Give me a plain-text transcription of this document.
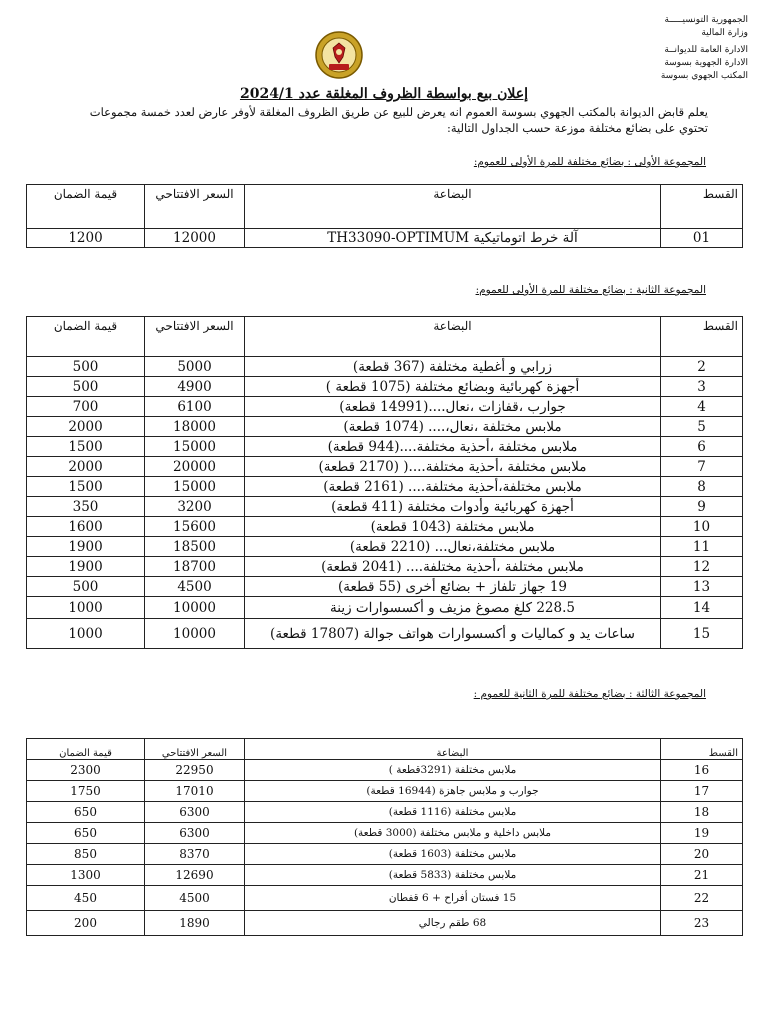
الجمهورية التونسيـــــة
وزارة المالية
الادارة العامة للديوانــة
الادارة الجهوية بسوسة
المكتب الجهوي بسوسة
إعلان بيع بواسطة الظروف المغلقة عدد 2024/1
يعلم قابض الديوانة بالمكتب الجهوي بسوسة العموم انه يعرض للبيع عن طريق الظروف المغلقة لأوفر عارض لعدد خمسة مجموعات تحتوي على بضائع مختلفة موزعة حسب الجداول التالية:
المجموعة الأولى : بضائع مختلفة للمرة الأولى للعموم:
قيمة الضمان	السعر الافتتاحي	البضاعة	القسط
1200	12000	آلة خرط اتوماتيكية TH33090-OPTIMUM	01
المجموعة الثانية : بضائع مختلفة للمرة الأولى للعموم:
قيمة الضمان	السعر الافتتاحي	البضاعة	القسط
500	5000	زرابي و أغطية مختلفة (367 قطعة)	2
500	4900	أجهزة كهربائية وبضائع مختلفة (1075 قطعة )	3
700	6100	جوارب ،قفازات ،نعال....(14991 قطعة)	4
2000	18000	ملابس مختلفة ،نعال،.... (1074 قطعة)	5
1500	15000	ملابس مختلفة ،أحذية مختلفة....(944 قطعة)	6
2000	20000	ملابس مختلفة ،أحذية مختلفة....( (2170 قطعة)	7
1500	15000	ملابس مختلفة،أحذية مختلفة.... (2161 قطعة)	8
350	3200	أجهزة كهربائية وأدوات مختلفة (411 قطعة)	9
1600	15600	ملابس مختلفة (1043 قطعة)	10
1900	18500	ملابس مختلفة،نعال... (2210 قطعة)	11
1900	18700	ملابس مختلفة ،أحذية مختلفة.... (2041 قطعة)	12
500	4500	19 جهاز تلفاز + بضائع أخرى (55 قطعة)	13
1000	10000	228.5 كلغ مصوغ مزيف و أكسسوارات زينة	14
1000	10000	ساعات يد و كماليات و أكسسوارات هواتف جوالة (17807 قطعة)	15
المجموعة الثالثة : بضائع مختلفة للمرة الثانية للعموم :
قيمة الضمان	السعر الافتتاحي	البضاعة	القسط
2300	22950	ملابس مختلفة (3291قطعة )	16
1750	17010	جوارب و ملابس جاهزة (16944 قطعة)	17
650	6300	ملابس مختلفة (1116 قطعة)	18
650	6300	ملابس داخلية و ملابس مختلفة (3000 قطعة)	19
850	8370	ملابس مختلفة (1603 قطعة)	20
1300	12690	ملابس مختلفة (5833 قطعة)	21
450	4500	15 فستان أفراح + 6 قفطان	22
200	1890	68 طقم رجالي	23
